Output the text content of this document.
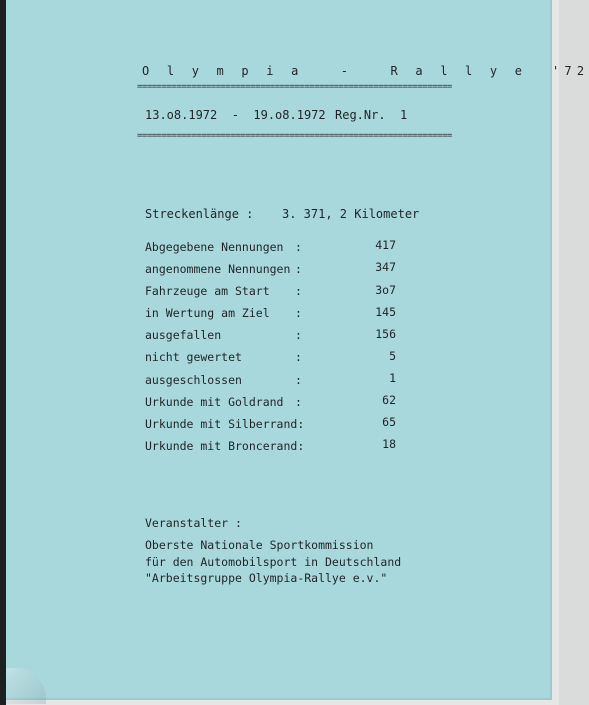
O l y m p i a   -   R a l l y e  '72
================================================================
13.o8.1972  -  19.o8.1972 Reg.Nr.  1
================================================================
Streckenlänge : 3. 371, 2 Kilometer
Abgegebene Nennungen :	417
angenommene Nennungen :	347
Fahrzeuge am Start :	3o7
in Wertung am Ziel :	145
ausgefallen	:	156
nicht gewertet	:	5
ausgeschlossen	:	1
Urkunde mit Goldrand :	62
Urkunde mit Silberrand:	65
Urkunde mit Broncerand:	18
Veranstalter :
Oberste Nationale Sportkommission
für den Automobilsport in Deutschland
"Arbeitsgruppe Olympia-Rallye e.v."
